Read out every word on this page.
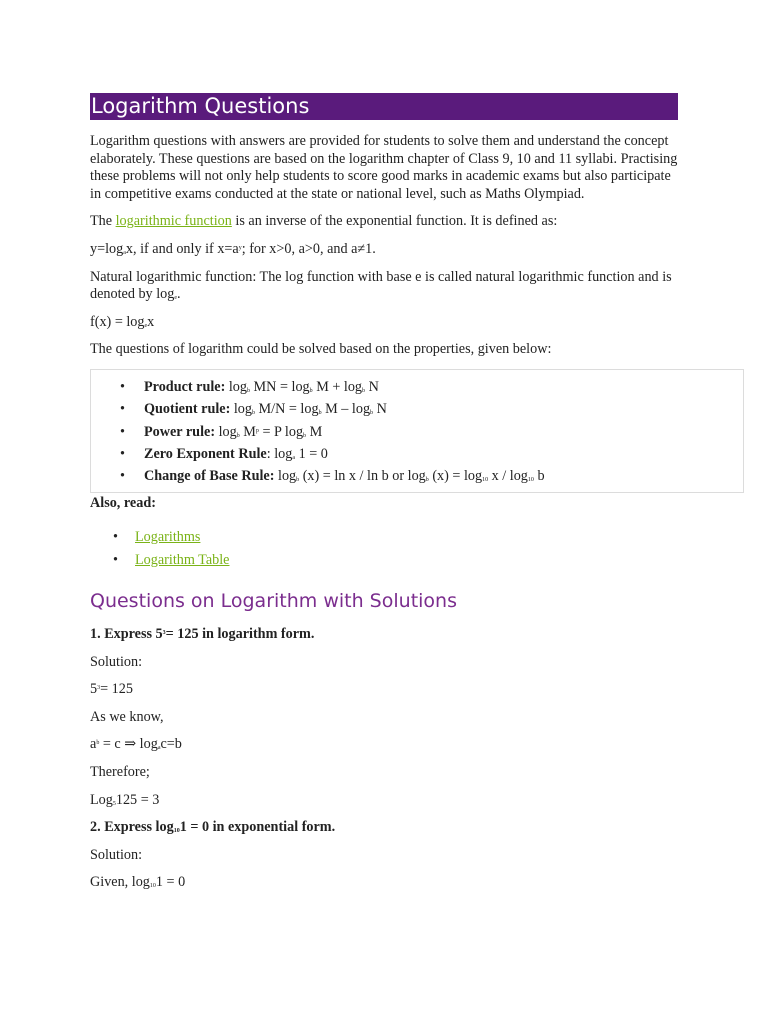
Logarithm Questions

Logarithm questions with answers are provided for students to solve them and understand the concept elaborately. These questions are based on the logarithm chapter of Class 9, 10 and 11 syllabi. Practising these problems will not only help students to score good marks in academic exams but also participate in competitive exams conducted at the state or national level, such as Maths Olympiad.

The logarithmic function is an inverse of the exponential function. It is defined as:

$y=\log_ax$, if and only if $x=a^y$; for x>0, a>0, and a≠1.

Natural logarithmic function: The log function with base e is called natural logarithmic function and is denoted by $\log_e$.

$f(x) = \log_ex$

The questions of logarithm could be solved based on the properties, given below:

• Product rule: $\log_b$ MN = $\log_b M + \log_b N$
• Quotient rule: $\log_b M/N = \log_b M - \log_b N$
• Power rule: $\log_b M^p = P$ $\log_b M$
• Zero Exponent Rule: $\log_a 1 = 0$
• Change of Base Rule: $\log_b (x) = \ln x / \ln b$ or $\log_b (x) = \log_{10} x / \log_{10} b$

Also, read:

• Logarithms
• Logarithm Table
Questions on Logarithm with Solutions

1. Express $5^3= 125$ in logarithm form.

Solution:

$5^3= 125$

As we know,

$a^b = c$ ⇒ $\log_ac=b$

Therefore;

Log$_5$125 = 3

2. Express $\log_{10}1 = 0$ in exponential form.

Solution:

Given, $\log_{10}1 = 0$
